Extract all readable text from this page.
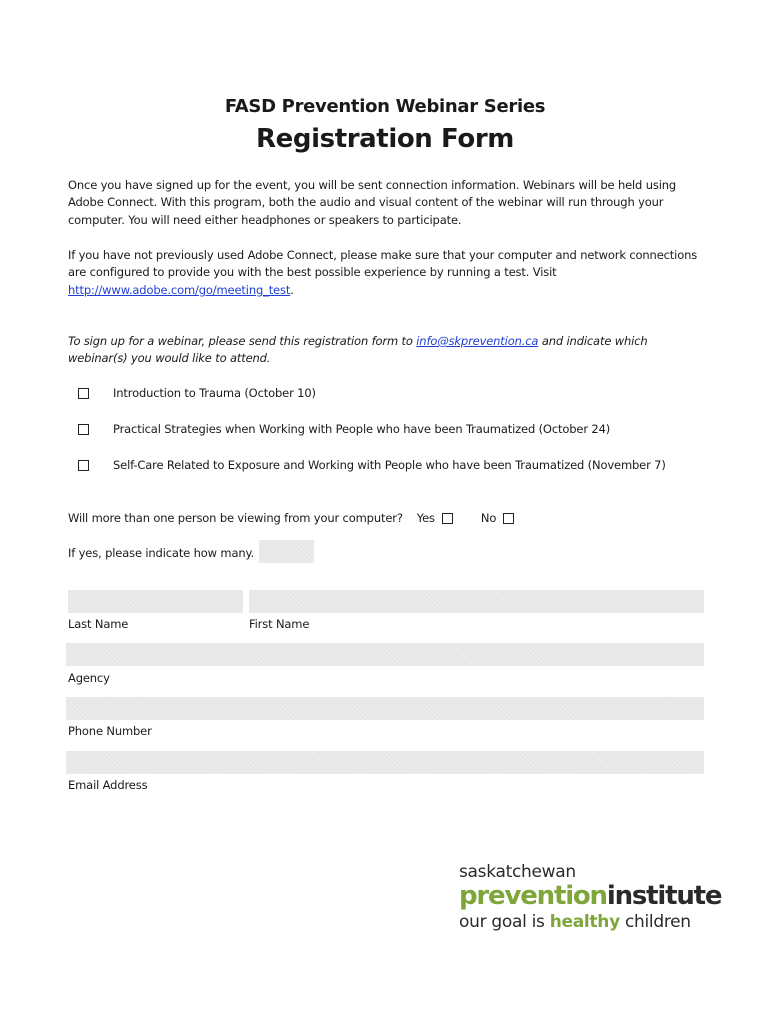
FASD Prevention Webinar Series
Registration Form
Once you have signed up for the event, you will be sent connection information. Webinars will be held using Adobe Connect. With this program, both the audio and visual content of the webinar will run through your computer. You will need either headphones or speakers to participate.
If you have not previously used Adobe Connect, please make sure that your computer and network connections are configured to provide you with the best possible experience by running a test. Visit http://www.adobe.com/go/meeting_test.
To sign up for a webinar, please send this registration form to info@skprevention.ca and indicate which webinar(s) you would like to attend.
Introduction to Trauma (October 10)
Practical Strategies when Working with People who have been Traumatized (October 24)
Self-Care Related to Exposure and Working with People who have been Traumatized (November 7)
Will more than one person be viewing from your computer? Yes	No
If yes, please indicate how many.
Last Name	First Name
Agency
Phone Number
Email Address
saskatchewan
preventioninstitute
our goal is healthy children
